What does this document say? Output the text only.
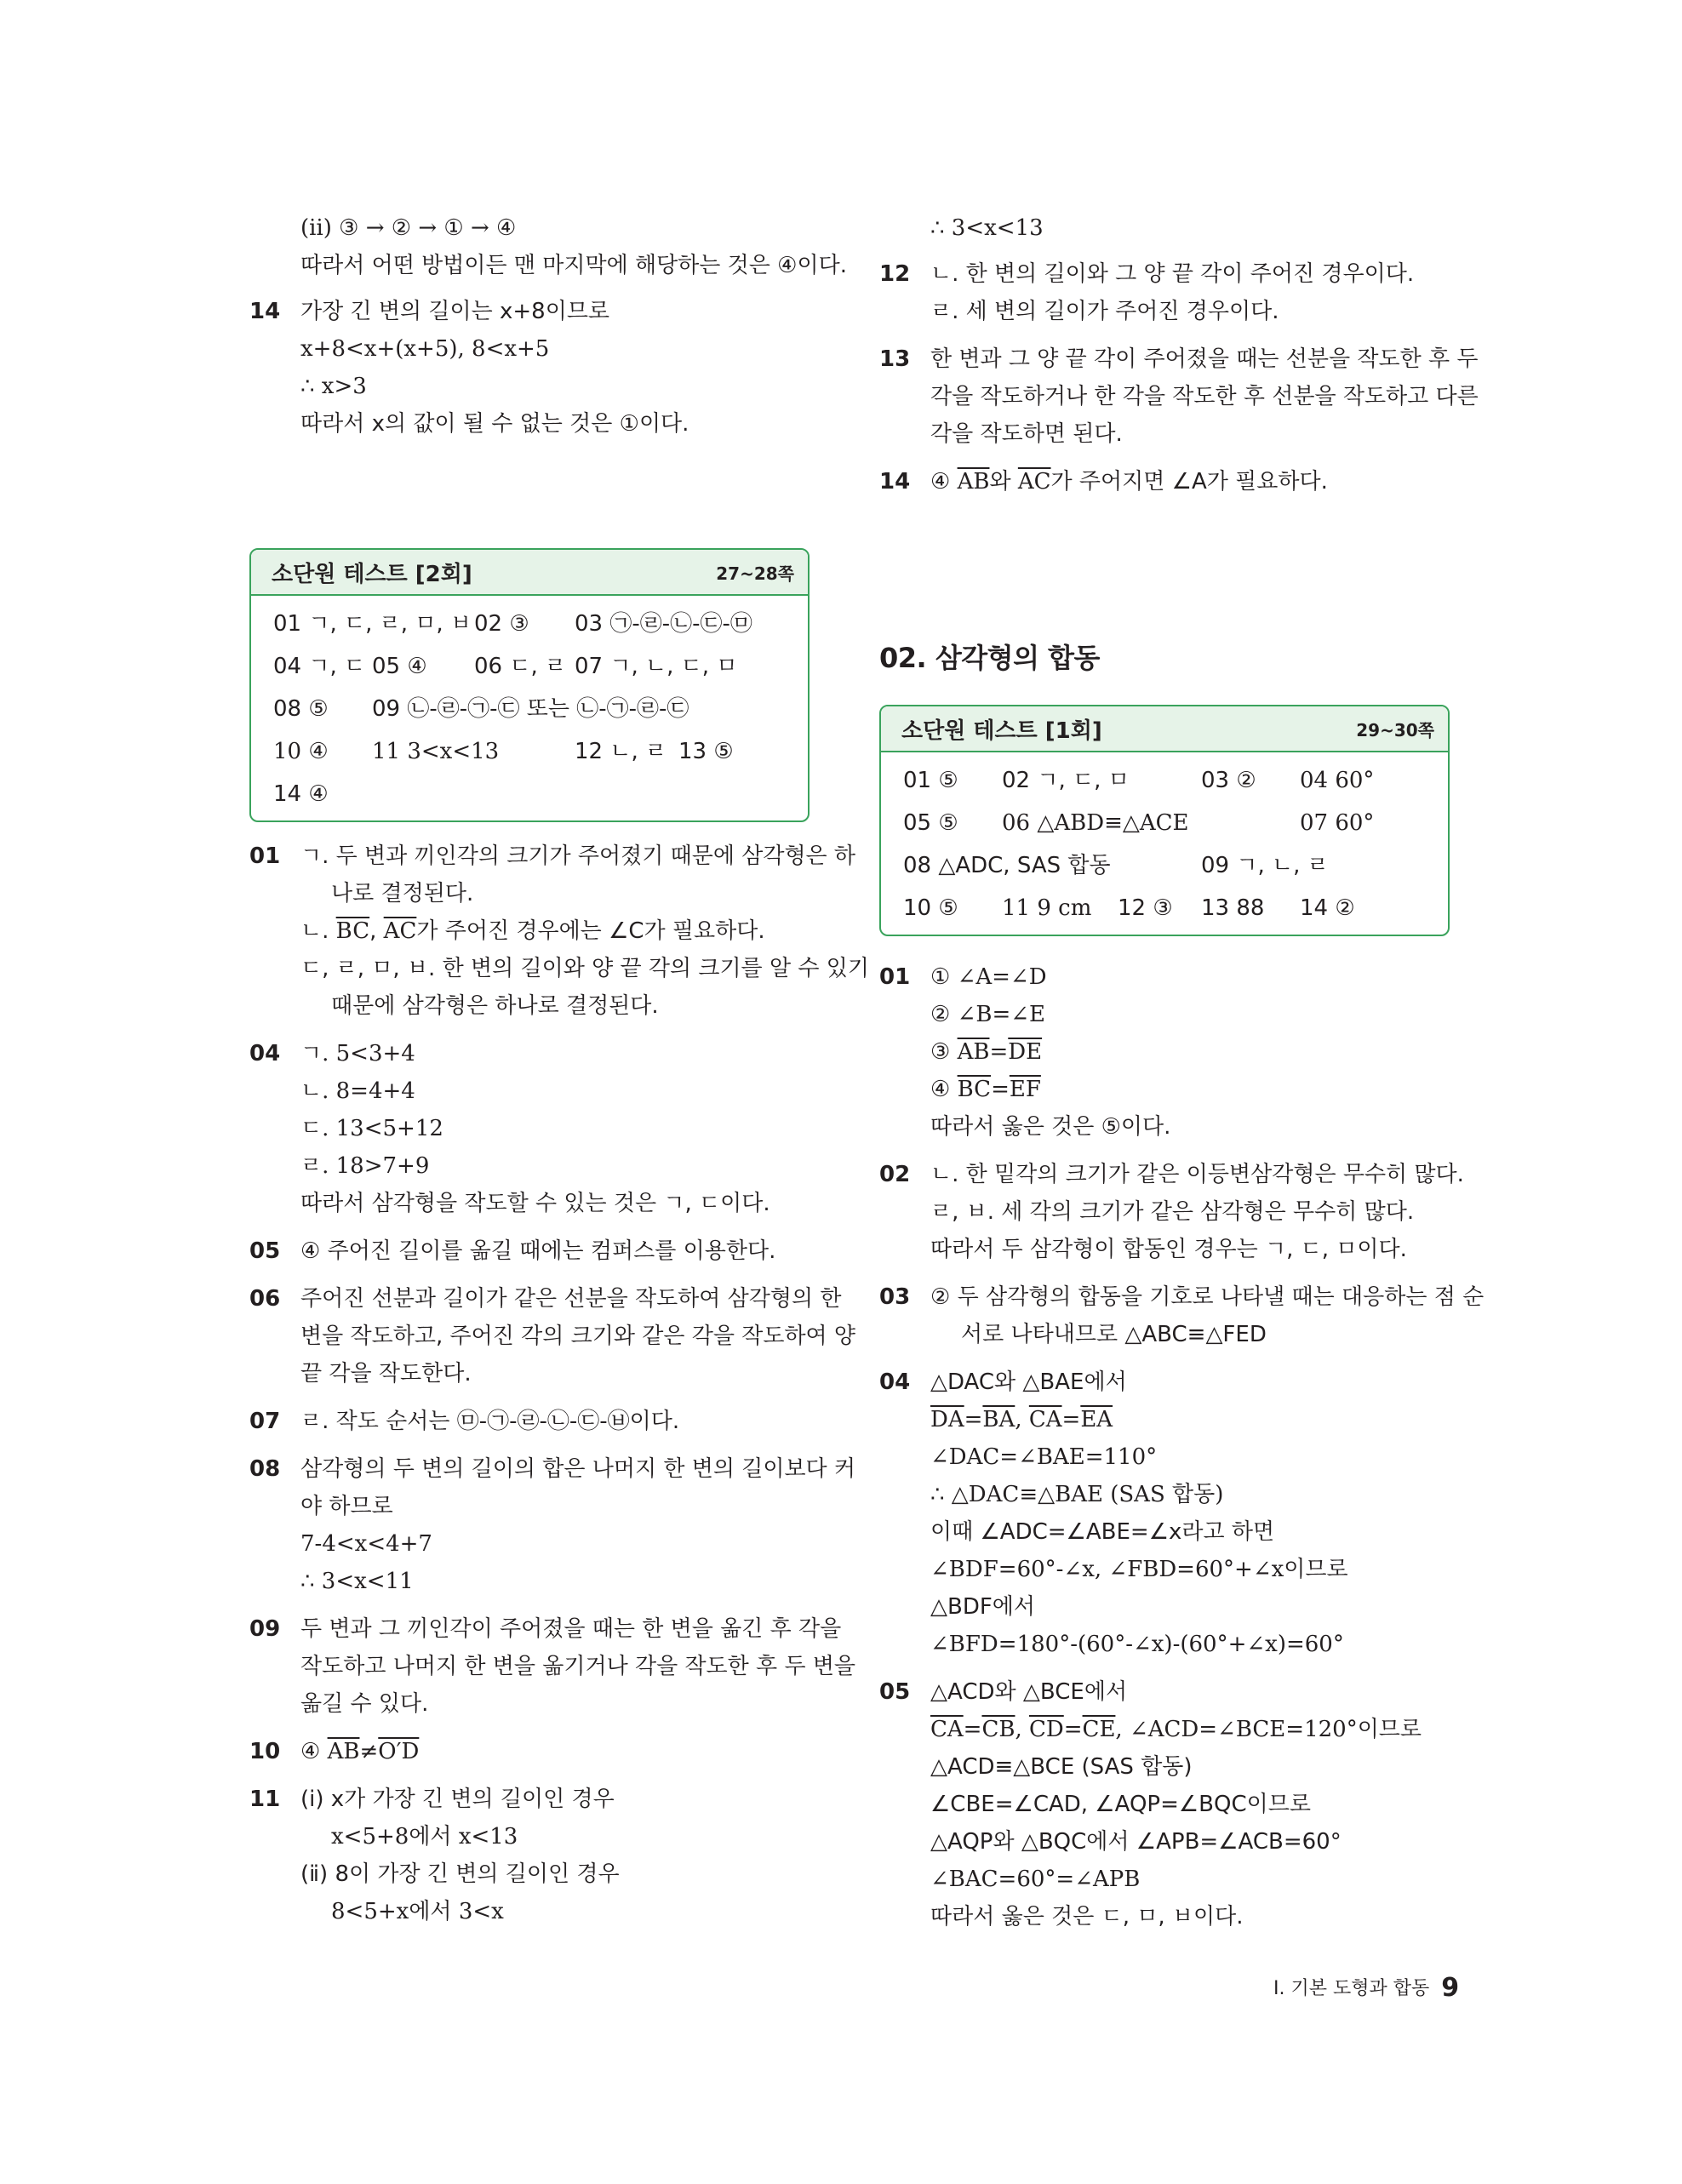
(ⅱ) ③ → ② → ① → ④
따라서 어떤 방법이든 맨 마지막에 해당하는 것은 ④이다.
14 가장 긴 변의 길이는 x+8이므로
x+8<x+(x+5), 8<x+5
∴ x>3
따라서 x의 값이 될 수 없는 것은 ①이다.
소단원 테스트 [2회]	27~28쪽
01 ㄱ, ㄷ, ㄹ, ㅁ, ㅂ 02 ③ 03 ㉠-㉣-㉡-㉢-㉤
04 ㄱ, ㄷ 05 ④ 06 ㄷ, ㄹ 07 ㄱ, ㄴ, ㄷ, ㅁ
08 ⑤ 09 ㉡-㉣-㉠-㉢ 또는 ㉡-㉠-㉣-㉢
10 ④ 11 3<x<13	12 ㄴ, ㄹ 13 ⑤
14 ④
01 ㄱ. 두 변과 끼인각의 크기가 주어졌기 때문에 삼각형은 하
나로 결정된다.
ㄴ. $\overline{BC}$, $\overline{AC}$가 주어진 경우에는 ∠C가 필요하다.
ㄷ, ㄹ, ㅁ, ㅂ. 한 변의 길이와 양 끝 각의 크기를 알 수 있기
때문에 삼각형은 하나로 결정된다.
04 ㄱ. 5<3+4
ㄴ. 8=4+4
ㄷ. 13<5+12
ㄹ. 18>7+9
따라서 삼각형을 작도할 수 있는 것은 ㄱ, ㄷ이다.
05 ④ 주어진 길이를 옮길 때에는 컴퍼스를 이용한다.
06 주어진 선분과 길이가 같은 선분을 작도하여 삼각형의 한
변을 작도하고, 주어진 각의 크기와 같은 각을 작도하여 양
끝 각을 작도한다.
07 ㄹ. 작도 순서는 ㉤-㉠-㉣-㉡-㉢-㉥이다.
08 삼각형의 두 변의 길이의 합은 나머지 한 변의 길이보다 커
야 하므로
7-4<x<4+7
∴ 3<x<11
09 두 변과 그 끼인각이 주어졌을 때는 한 변을 옮긴 후 각을
작도하고 나머지 한 변을 옮기거나 각을 작도한 후 두 변을
옮길 수 있다.
10 ④ $\overline{AB}\ne O'D$
11 (ⅰ) x가 가장 긴 변의 길이인 경우
x<5+8에서 x<13
(ⅱ) 8이 가장 긴 변의 길이인 경우
8<5+x에서 3<x
∴ 3<x<13
12 ㄴ. 한 변의 길이와 그 양 끝 각이 주어진 경우이다.
ㄹ. 세 변의 길이가 주어진 경우이다.
13 한 변과 그 양 끝 각이 주어졌을 때는 선분을 작도한 후 두
각을 작도하거나 한 각을 작도한 후 선분을 작도하고 다른
각을 작도하면 된다.
14 ④ $\overline{AB}$와 $\overline{AC}$가 주어지면 ∠A가 필요하다.
02. 삼각형의 합동
소단원 테스트 [1회]	29~30쪽
01 ⑤ 02 ㄱ, ㄷ, ㅁ	03 ② 04 60°
05 ⑤ 06 △ABD≡△ACE	07 60°
08 △ADC, SAS 합동	09 ㄱ, ㄴ, ㄹ
10 ⑤ 11 9 cm 12 ③ 13 88 14 ②
01 ① ∠A=∠D
② ∠B=∠E
③ $\overline{AB}=\overline{DE}$
④ $\overline{BC}=\overline{EF}$
따라서 옳은 것은 ⑤이다.
02 ㄴ. 한 밑각의 크기가 같은 이등변삼각형은 무수히 많다.
ㄹ, ㅂ. 세 각의 크기가 같은 삼각형은 무수히 많다.
따라서 두 삼각형이 합동인 경우는 ㄱ, ㄷ, ㅁ이다.
03 ② 두 삼각형의 합동을 기호로 나타낼 때는 대응하는 점 순
서로 나타내므로 △ABC≡△FED
04 △DAC와 △BAE에서
$\overline{DA}=\overline{BA}$, $\overline{CA}=\overline{EA}$
∠DAC=∠BAE=110°
∴ △DAC≡△BAE (SAS 합동)
이때 ∠ADC=∠ABE=∠x라고 하면
∠BDF=60°-∠x, ∠FBD=60°+∠x이므로
△BDF에서
∠BFD=180°-(60°-∠x)-(60°+∠x)=60°
05 △ACD와 △BCE에서
$\overline{CA}=\overline{CB}$, $\overline{CD}=\overline{CE}$, ∠ACD=∠BCE=120°이므로
△ACD≡△BCE (SAS 합동)
∠CBE=∠CAD, ∠AQP=∠BQC이므로
△AQP와 △BQC에서 ∠APB=∠ACB=60°
∠BAC=60°=∠APB
따라서 옳은 것은 ㄷ, ㅁ, ㅂ이다.
Ⅰ. 기본 도형과 합동 9
